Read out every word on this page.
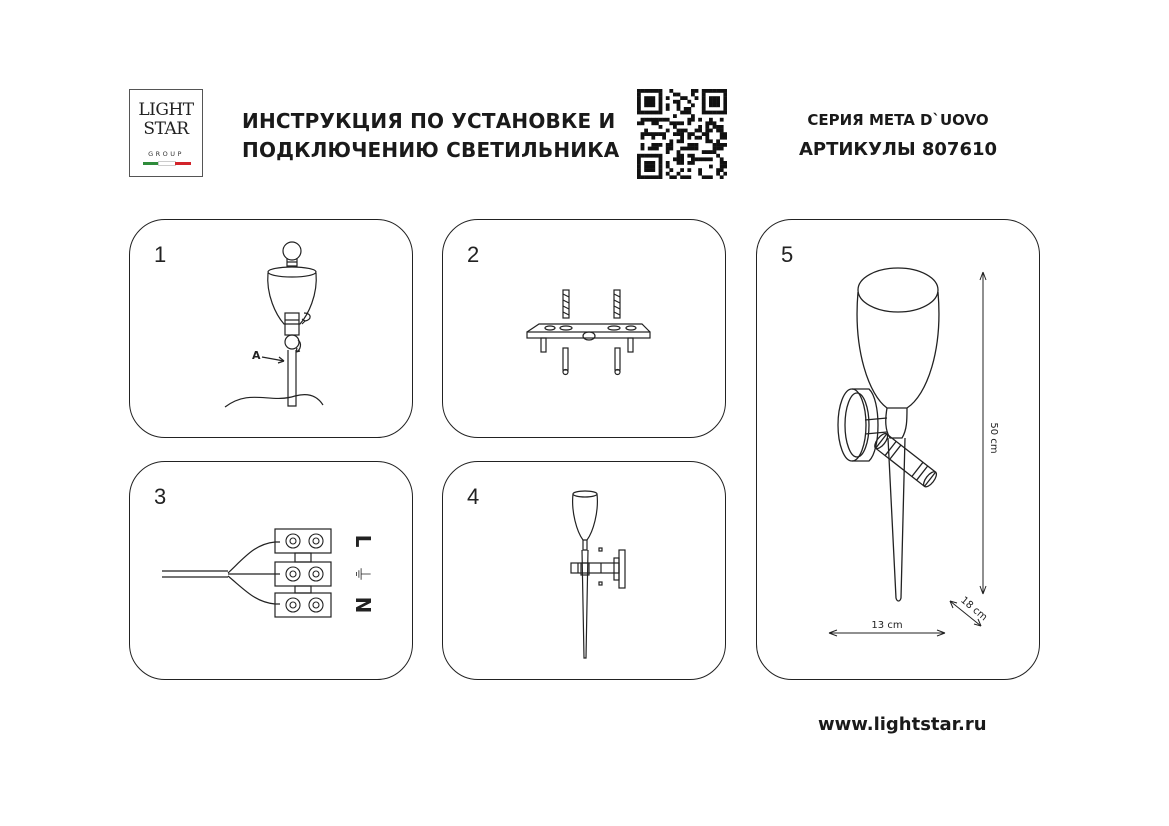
LIGHT
STAR
GROUP
ИНСТРУКЦИЯ ПО УСТАНОВКЕ И
ПОДКЛЮЧЕНИЮ СВЕТИЛЬНИКА
СЕРИЯ META D`UOVO
АРТИКУЛЫ 807610
1
A
2
3
L
⏚
N
4
5
50 cm
13 cm
18 cm
www.lightstar.ru
